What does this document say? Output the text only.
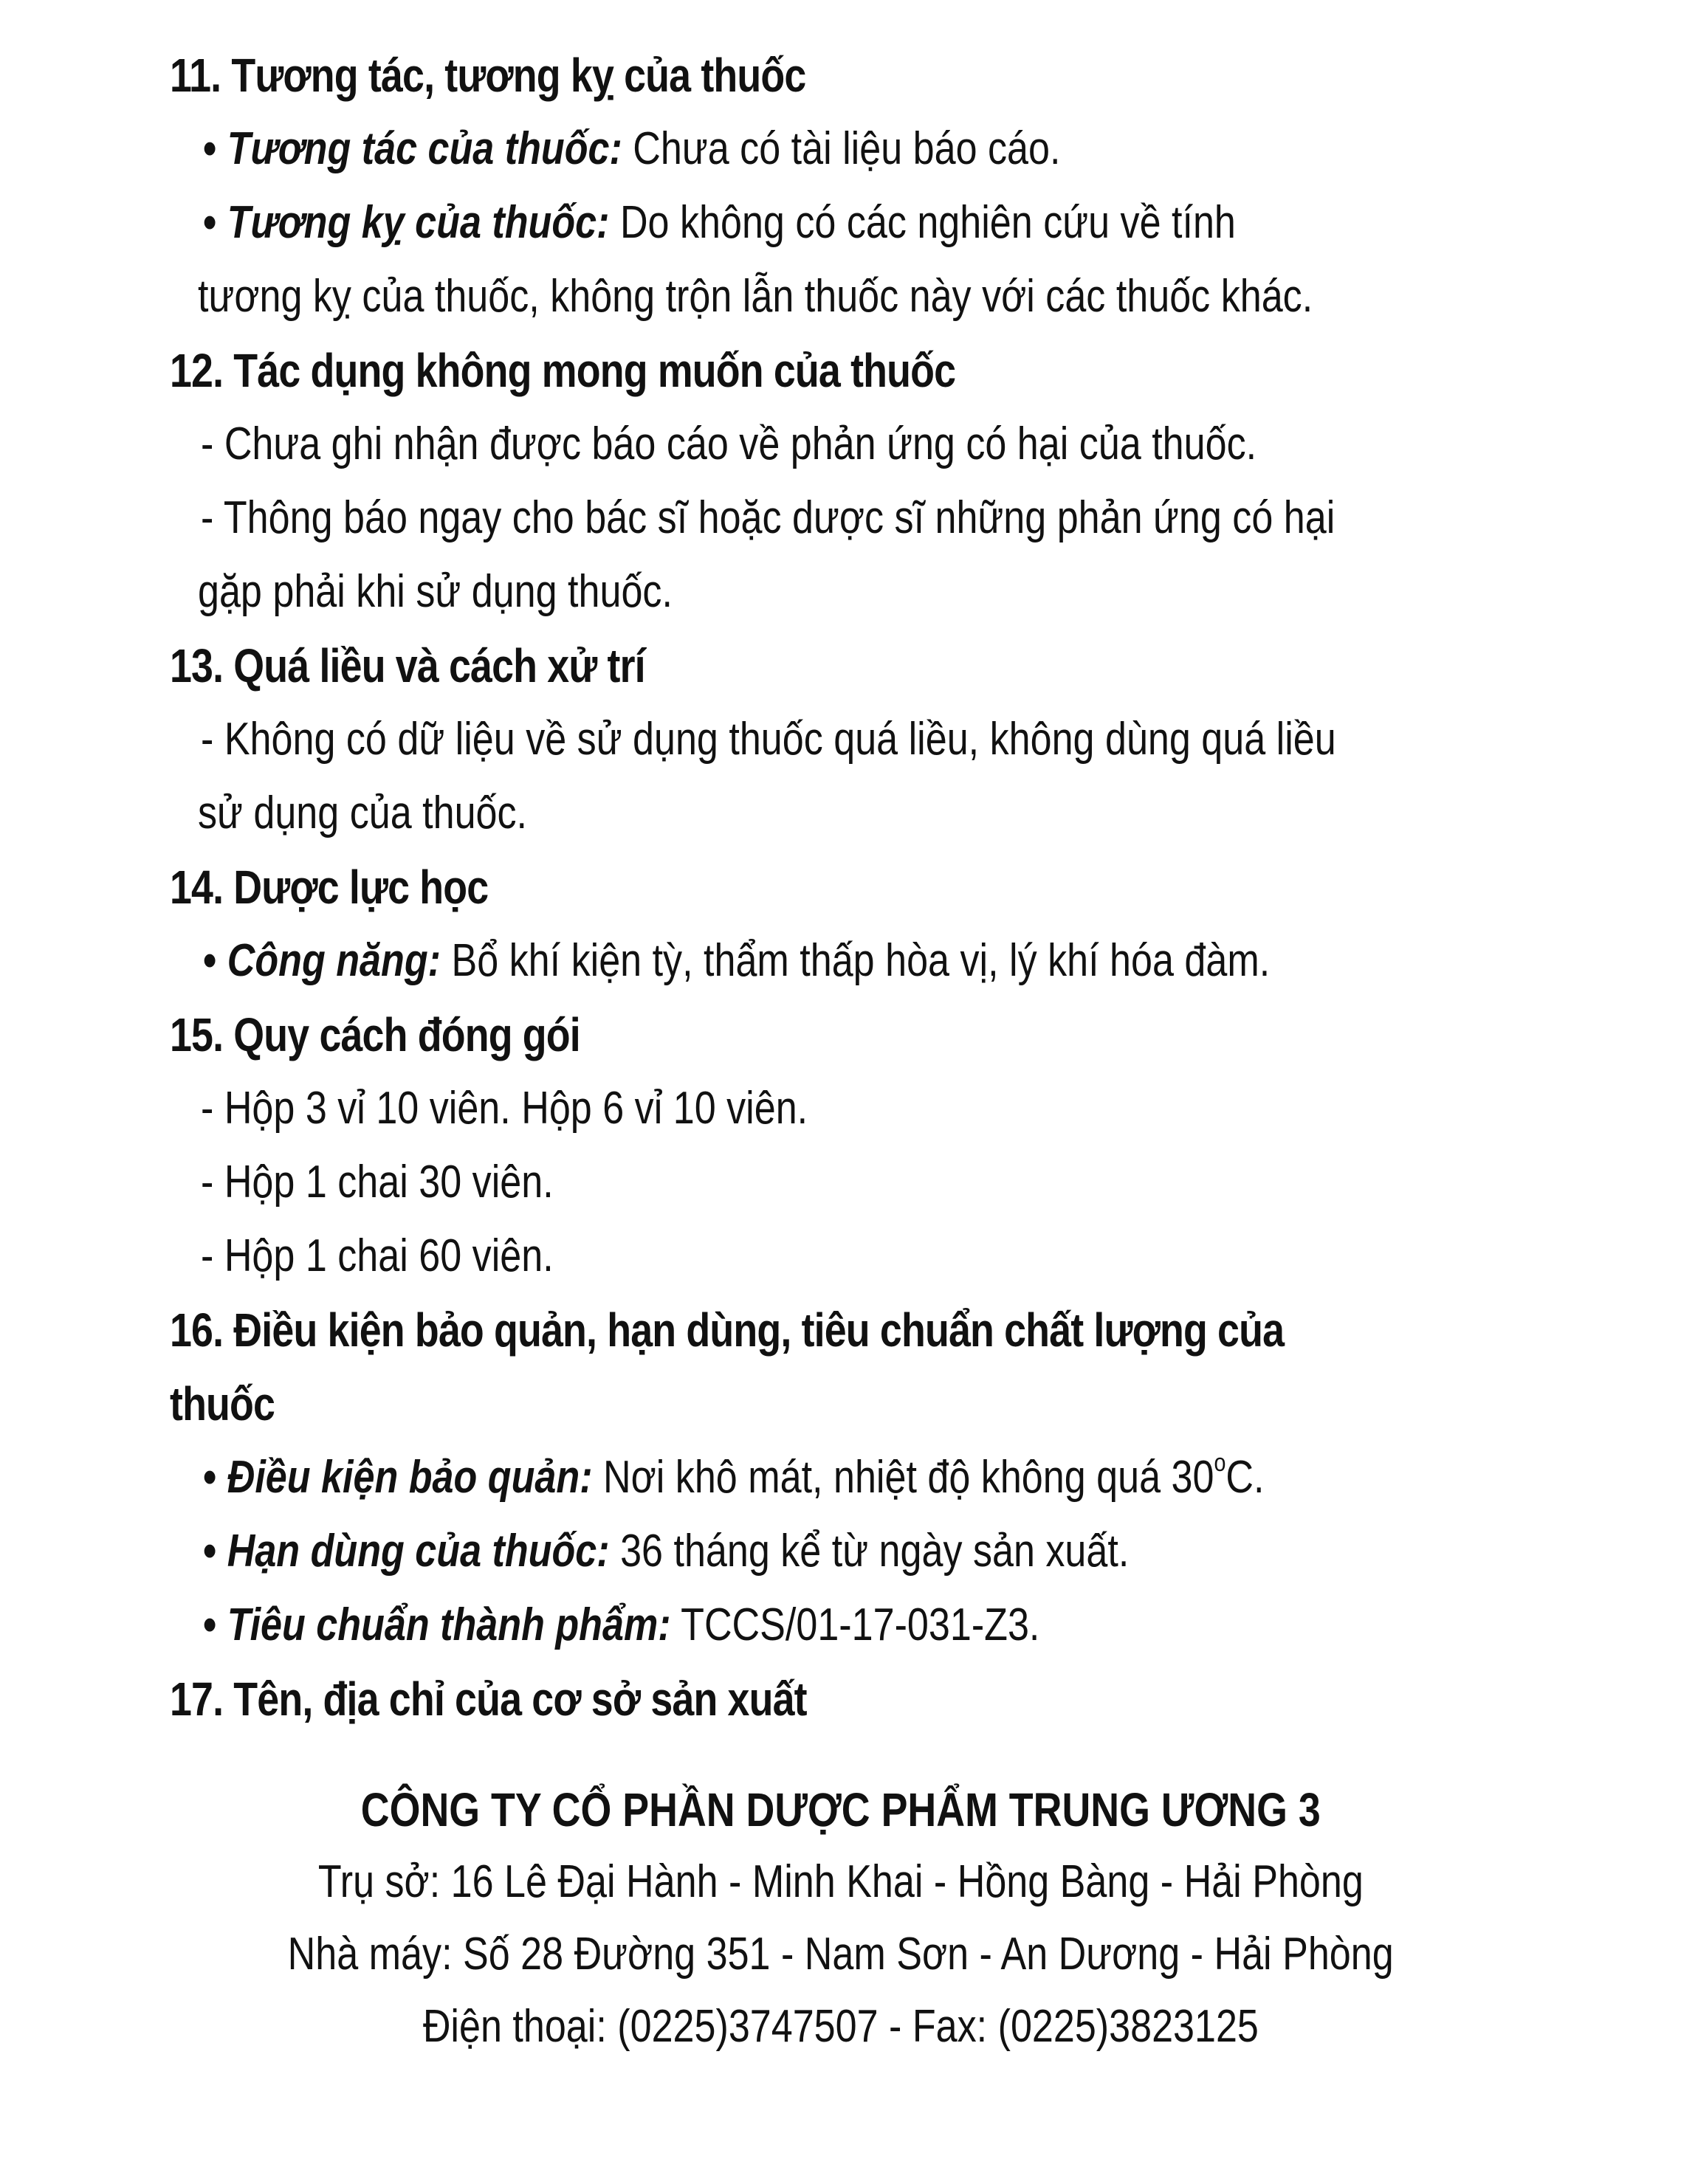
11. Tương tác, tương kỵ của thuốc
• Tương tác của thuốc: Chưa có tài liệu báo cáo.
• Tương kỵ của thuốc: Do không có các nghiên cứu về tính
tương kỵ của thuốc, không trộn lẫn thuốc này với các thuốc khác.
12. Tác dụng không mong muốn của thuốc
- Chưa ghi nhận được báo cáo về phản ứng có hại của thuốc.
- Thông báo ngay cho bác sĩ hoặc dược sĩ những phản ứng có hại
gặp phải khi sử dụng thuốc.
13. Quá liều và cách xử trí
- Không có dữ liệu về sử dụng thuốc quá liều, không dùng quá liều
sử dụng của thuốc.
14. Dược lực học
• Công năng: Bổ khí kiện tỳ, thẩm thấp hòa vị, lý khí hóa đàm.
15. Quy cách đóng gói
- Hộp 3 vỉ 10 viên. Hộp 6 vỉ 10 viên.
- Hộp 1 chai 30 viên.
- Hộp 1 chai 60 viên.
16. Điều kiện bảo quản, hạn dùng, tiêu chuẩn chất lượng của
thuốc
• Điều kiện bảo quản: Nơi khô mát, nhiệt độ không quá 30$^o$C.
• Hạn dùng của thuốc: 36 tháng kể từ ngày sản xuất.
• Tiêu chuẩn thành phẩm: TCCS/01-17-031-Z3.
17. Tên, địa chỉ của cơ sở sản xuất
CÔNG TY CỔ PHẦN DƯỢC PHẨM TRUNG ƯƠNG 3
Trụ sở: 16 Lê Đại Hành - Minh Khai - Hồng Bàng - Hải Phòng
Nhà máy: Số 28 Đường 351 - Nam Sơn - An Dương - Hải Phòng
Điện thoại: (0225)3747507 - Fax: (0225)3823125
